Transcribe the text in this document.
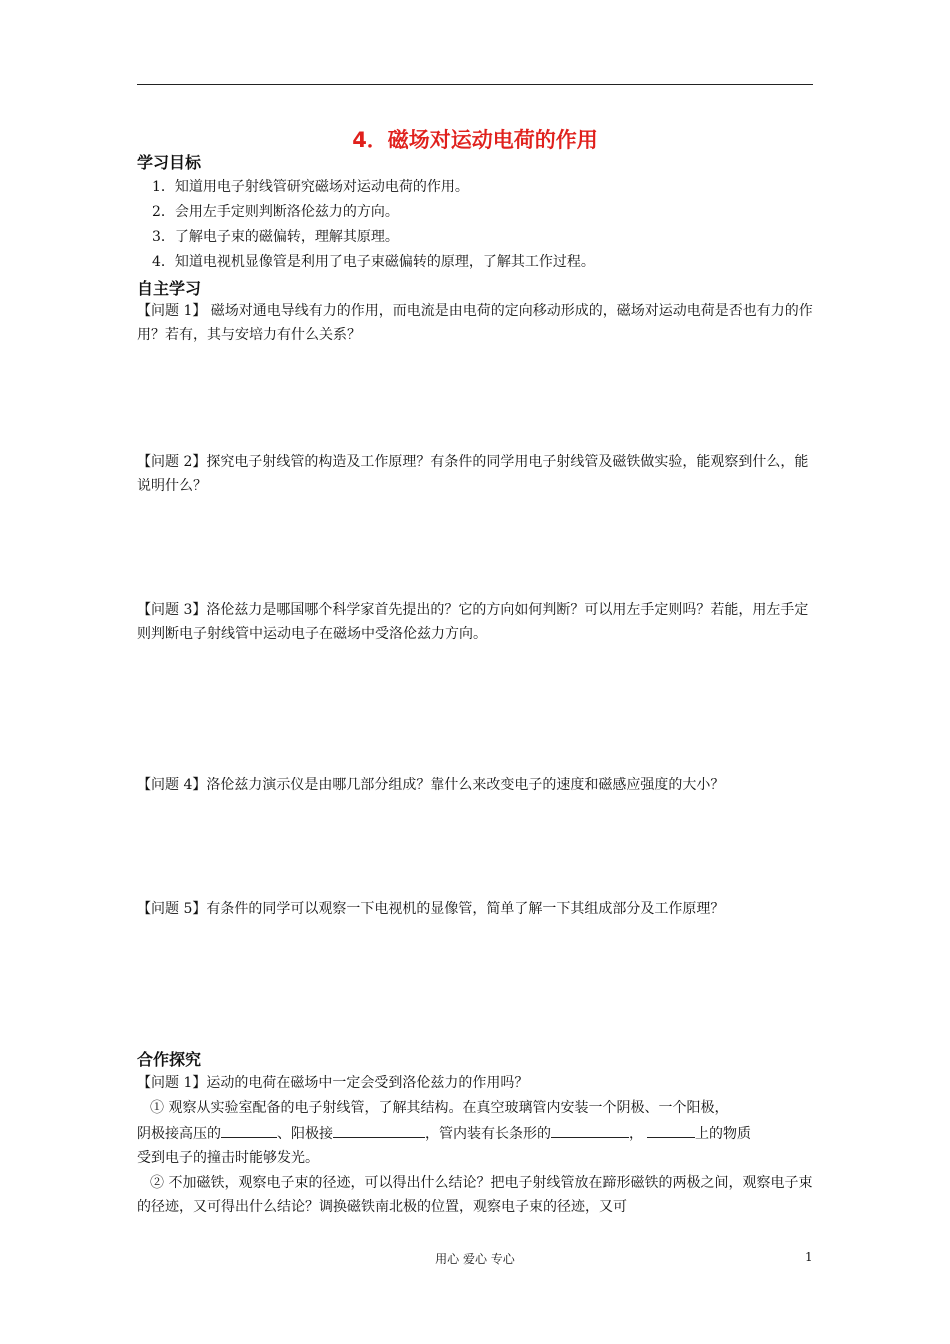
4．磁场对运动电荷的作用
学习目标
1．知道用电子射线管研究磁场对运动电荷的作用。
2．会用左手定则判断洛伦兹力的方向。
3．了解电子束的磁偏转，理解其原理。
4．知道电视机显像管是利用了电子束磁偏转的原理，了解其工作过程。
自主学习
【问题 1】 磁场对通电导线有力的作用，而电流是由电荷的定向移动形成的，磁场对运动电荷是否也有力的作用？若有，其与安培力有什么关系？
【问题 2】探究电子射线管的构造及工作原理？有条件的同学用电子射线管及磁铁做实验，能观察到什么，能说明什么？
【问题 3】洛伦兹力是哪国哪个科学家首先提出的？它的方向如何判断？可以用左手定则吗？若能，用左手定则判断电子射线管中运动电子在磁场中受洛伦兹力方向。
【问题 4】洛伦兹力演示仪是由哪几部分组成？靠什么来改变电子的速度和磁感应强度的大小？
【问题 5】有条件的同学可以观察一下电视机的显像管，简单了解一下其组成部分及工作原理？
合作探究
【问题 1】运动的电荷在磁场中一定会受到洛伦兹力的作用吗？
① 观察从实验室配备的电子射线管，了解其结构。在真空玻璃管内安装一个阴极、一个阳极，
阴极接高压的	、阳极接	，管内装有长条形的	，	上的物质
受到电子的撞击时能够发光。
② 不加磁铁，观察电子束的径迹，可以得出什么结论？把电子射线管放在蹄形磁铁的两极之间，观察电子束的径迹，又可得出什么结论？调换磁铁南北极的位置，观察电子束的径迹，又可
用心 爱心 专心	1
